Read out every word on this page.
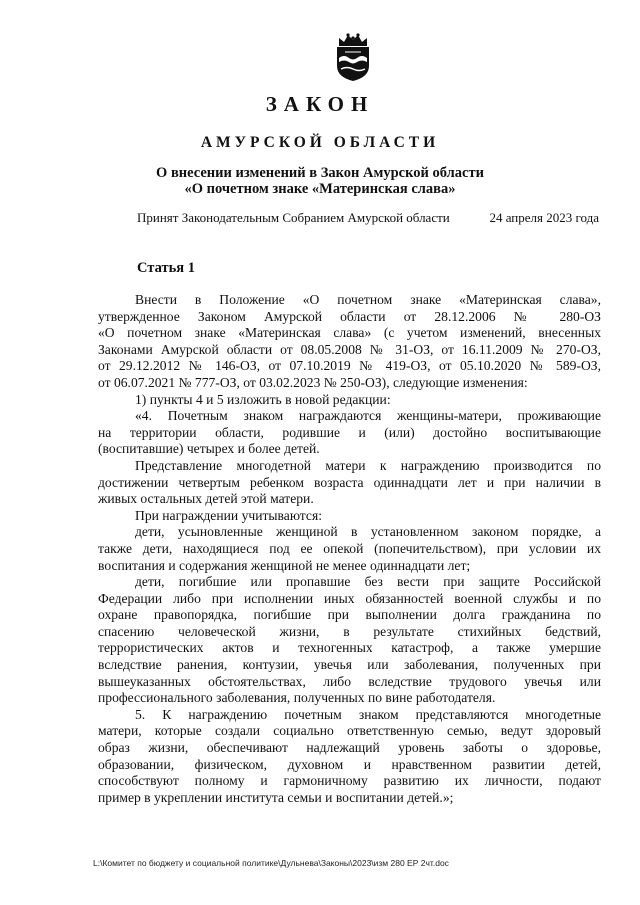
ЗАКОН
АМУРСКОЙ ОБЛАСТИ
О внесении изменений в Закон Амурской области
«О почетном знаке «Материнская слава»
Принят Законодательным Собранием Амурской области	24 апреля 2023 года
Статья 1

Внести в Положение «О почетном знаке «Материнская слава»,

утвержденное Законом Амурской области от 28.12.2006 № 280-ОЗ

«О почетном знаке «Материнская слава» (с учетом изменений, внесенных

Законами Амурской области от 08.05.2008 № 31-ОЗ, от 16.11.2009 № 270-ОЗ,

от 29.12.2012 № 146-ОЗ, от 07.10.2019 № 419-ОЗ, от 05.10.2020 № 589-ОЗ,

от 06.07.2021 № 777-ОЗ, от 03.02.2023 № 250-ОЗ), следующие изменения:

1) пункты 4 и 5 изложить в новой редакции:

«4. Почетным знаком награждаются женщины-матери, проживающие

на территории области, родившие и (или) достойно воспитывающие

(воспитавшие) четырех и более детей.

Представление многодетной матери к награждению производится по

достижении четвертым ребенком возраста одиннадцати лет и при наличии в

живых остальных детей этой матери.

При награждении учитываются:

дети, усыновленные женщиной в установленном законом порядке, а

также дети, находящиеся под ее опекой (попечительством), при условии их

воспитания и содержания женщиной не менее одиннадцати лет;

дети, погибшие или пропавшие без вести при защите Российской

Федерации либо при исполнении иных обязанностей военной службы и по

охране правопорядка, погибшие при выполнении долга гражданина по

спасению человеческой жизни, в результате стихийных бедствий,

террористических актов и техногенных катастроф, а также умершие

вследствие ранения, контузии, увечья или заболевания, полученных при

вышеуказанных обстоятельствах, либо вследствие трудового увечья или

профессионального заболевания, полученных по вине работодателя.

5. К награждению почетным знаком представляются многодетные

матери, которые создали социально ответственную семью, ведут здоровый

образ жизни, обеспечивают надлежащий уровень заботы о здоровье,

образовании, физическом, духовном и нравственном развитии детей,

способствуют полному и гармоничному развитию их личности, подают

пример в укреплении института семьи и воспитании детей.»;

L:\Комитет по бюджету и социальной политике\Дульнева\Законы\2023\изм 280 ЕР 2чт.doc
